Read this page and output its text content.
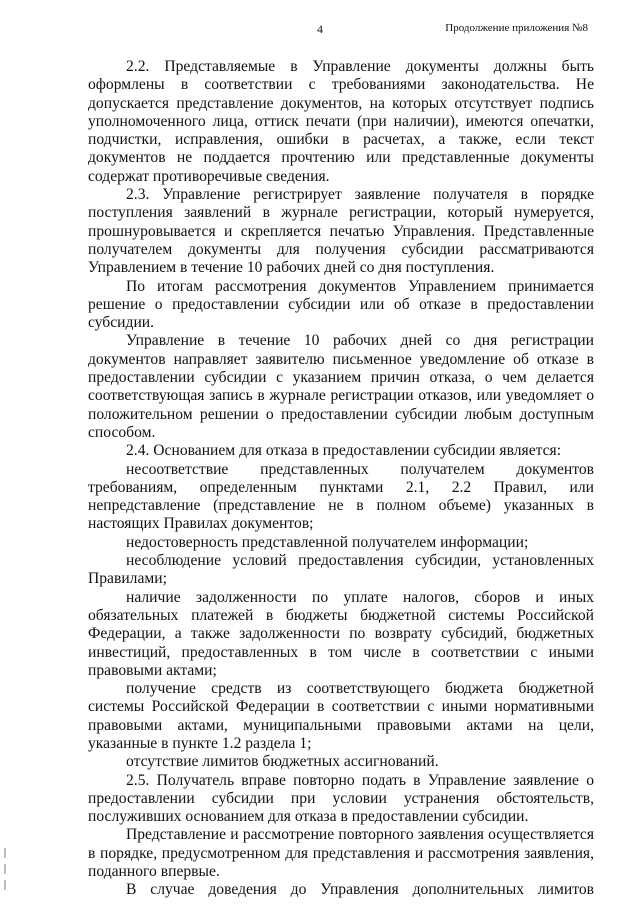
4	Продолжение приложения №8

2.2. Представляемые в Управление документы должны быть оформлены в соответствии с требованиями законодательства. Не допускается представление документов, на которых отсутствует подпись уполномоченного лица, оттиск печати (при наличии), имеются опечатки, подчистки, исправления, ошибки в расчетах, а также, если текст документов не поддается прочтению или представленные документы содержат противоречивые сведения.

2.3. Управление регистрирует заявление получателя в порядке поступления заявлений в журнале регистрации, который нумеруется, прошнуровывается и скрепляется печатью Управления. Представленные получателем документы для получения субсидии рассматриваются Управлением в течение 10 рабочих дней со дня поступления.

По итогам рассмотрения документов Управлением принимается решение о предоставлении субсидии или об отказе в предоставлении субсидии.

Управление в течение 10 рабочих дней со дня регистрации документов направляет заявителю письменное уведомление об отказе в предоставлении субсидии с указанием причин отказа, о чем делается соответствующая запись в журнале регистрации отказов, или уведомляет о положительном решении о предоставлении субсидии любым доступным способом.

2.4. Основанием для отказа в предоставлении субсидии является:

несоответствие представленных получателем документов требованиям, определенным пунктами 2.1, 2.2 Правил, или непредставление (представление не в полном объеме) указанных в настоящих Правилах документов;

недостоверность представленной получателем информации;

несоблюдение условий предоставления субсидии, установленных Правилами;

наличие задолженности по уплате налогов, сборов и иных обязательных платежей в бюджеты бюджетной системы Российской Федерации, а также задолженности по возврату субсидий, бюджетных инвестиций, предоставленных в том числе в соответствии с иными правовыми актами;

получение средств из соответствующего бюджета бюджетной системы Российской Федерации в соответствии с иными нормативными правовыми актами, муниципальными правовыми актами на цели, указанные в пункте 1.2 раздела 1;

отсутствие лимитов бюджетных ассигнований.

2.5. Получатель вправе повторно подать в Управление заявление о предоставлении субсидии при условии устранения обстоятельств, послуживших основанием для отказа в предоставлении субсидии.

Представление и рассмотрение повторного заявления осуществляется в порядке, предусмотренном для представления и рассмотрения заявления, поданного впервые.

В случае доведения до Управления дополнительных лимитов
